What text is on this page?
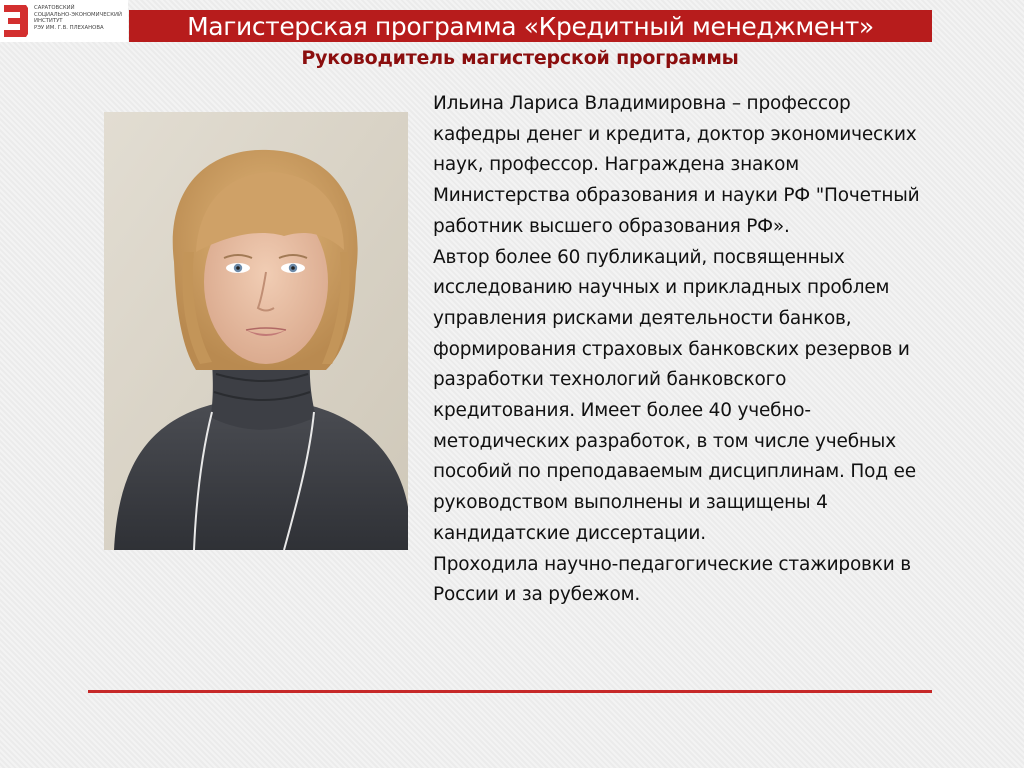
САРАТОВСКИЙ
СОЦИАЛЬНО-ЭКОНОМИЧЕСКИЙ
ИНСТИТУТ
РЭУ ИМ. Г.В. ПЛЕХАНОВА	Магистерская программа «Кредитный менеджмент»
Руководитель магистерской программы
Ильина Лариса Владимировна – профессор
кафедры денег и кредита, доктор экономических
наук, профессор. Награждена знаком
Министерства образования и науки РФ "Почетный
работник высшего образования РФ».
Автор более 60 публикаций, посвященных
исследованию научных и прикладных проблем
управления рисками деятельности банков,
формирования страховых банковских резервов и
разработки технологий банковского
кредитования. Имеет более 40 учебно-
методических разработок, в том числе учебных
пособий по преподаваемым дисциплинам. Под ее
руководством выполнены и защищены 4
кандидатские диссертации.
Проходила научно-педагогические стажировки в
России и за рубежом.
